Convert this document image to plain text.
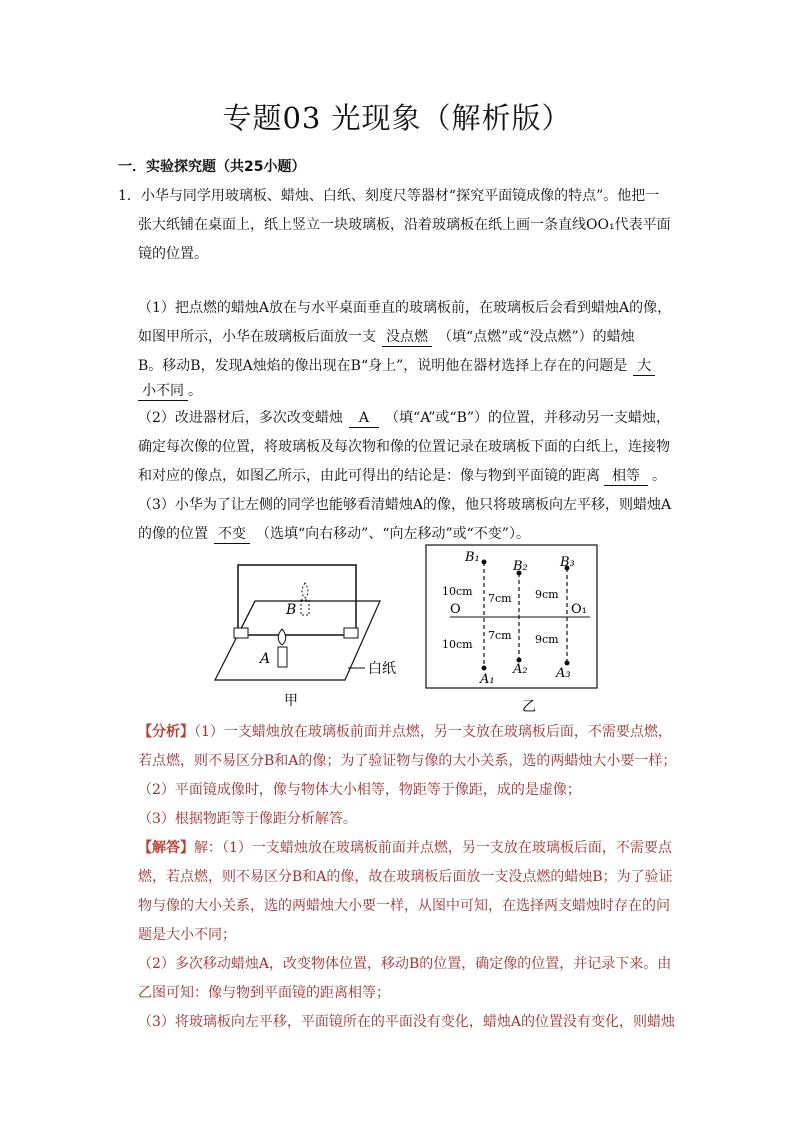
专题03 光现象（解析版）
一．实验探究题（共25小题）
1．小华与同学用玻璃板、蜡烛、白纸、刻度尺等器材“探究平面镜成像的特点”。他把一
张大纸铺在桌面上，纸上竖立一块玻璃板，沿着玻璃板在纸上画一条直线OO₁代表平面
镜的位置。
（1）把点燃的蜡烛A放在与水平桌面垂直的玻璃板前，在玻璃板后会看到蜡烛A的像，
如图甲所示，小华在玻璃板后面放一支 没点燃 （填“点燃”或“没点燃”）的蜡烛
B。移动B，发现A烛焰的像出现在B“身上”，说明他在器材选择上存在的问题是 大
小不同 。
（2）改进器材后，多次改变蜡烛 A （填“A”或“B”）的位置，并移动另一支蜡烛，
确定每次像的位置，将玻璃板及每次物和像的位置记录在玻璃板下面的白纸上，连接物
和对应的像点，如图乙所示，由此可得出的结论是：像与物到平面镜的距离 相等 。
（3）小华为了让左侧的同学也能够看清蜡烛A的像，他只将玻璃板向左平移，则蜡烛A
的像的位置 不变 （选填“向右移动”、“向左移动”或“不变”）。
A
B
白纸
甲
O	O₁
B₁
A₁
10cm
10cm
B₂
A₂
7cm
7cm
B₃
A₃
9cm
9cm
乙
【分析】（1）一支蜡烛放在玻璃板前面并点燃，另一支放在玻璃板后面，不需要点燃，
若点燃，则不易区分B和A的像；为了验证物与像的大小关系，选的两蜡烛大小要一样；
（2）平面镜成像时，像与物体大小相等，物距等于像距，成的是虚像；
（3）根据物距等于像距分析解答。
【解答】解：（1）一支蜡烛放在玻璃板前面并点燃，另一支放在玻璃板后面，不需要点
燃，若点燃，则不易区分B和A的像，故在玻璃板后面放一支没点燃的蜡烛B；为了验证
物与像的大小关系，选的两蜡烛大小要一样，从图中可知，在选择两支蜡烛时存在的问
题是大小不同；
（2）多次移动蜡烛A，改变物体位置，移动B的位置，确定像的位置，并记录下来。由
乙图可知：像与物到平面镜的距离相等；
（3）将玻璃板向左平移，平面镜所在的平面没有变化，蜡烛A的位置没有变化，则蜡烛
